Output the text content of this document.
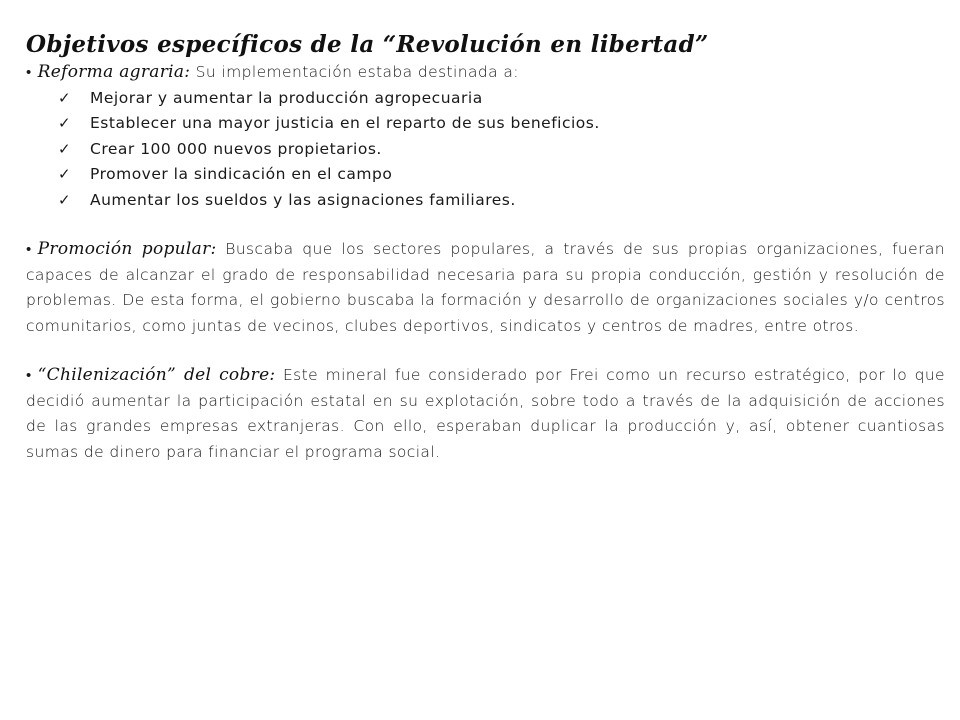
Objetivos específicos de la “Revolución en libertad”

• Reforma agraria: Su implementación estaba destinada a:

✓ Mejorar y aumentar la producción agropecuaria
✓ Establecer una mayor justicia en el reparto de sus beneficios.
✓ Crear 100 000 nuevos propietarios.
✓ Promover la sindicación en el campo
✓ Aumentar los sueldos y las asignaciones familiares.

• Promoción popular: Buscaba que los sectores populares, a través de sus propias organizaciones, fueran capaces de alcanzar el grado de responsabilidad necesaria para su propia conducción, gestión y resolución de problemas. De esta forma, el gobierno buscaba la formación y desarrollo de organizaciones sociales y/o centros comunitarios, como juntas de vecinos, clubes deportivos, sindicatos y centros de madres, entre otros.

• “Chilenización” del cobre: Este mineral fue considerado por Frei como un recurso estratégico, por lo que decidió aumentar la participación estatal en su explotación, sobre todo a través de la adquisición de acciones de las grandes empresas extranjeras. Con ello, esperaban duplicar la producción y, así, obtener cuantiosas sumas de dinero para financiar el programa social.
